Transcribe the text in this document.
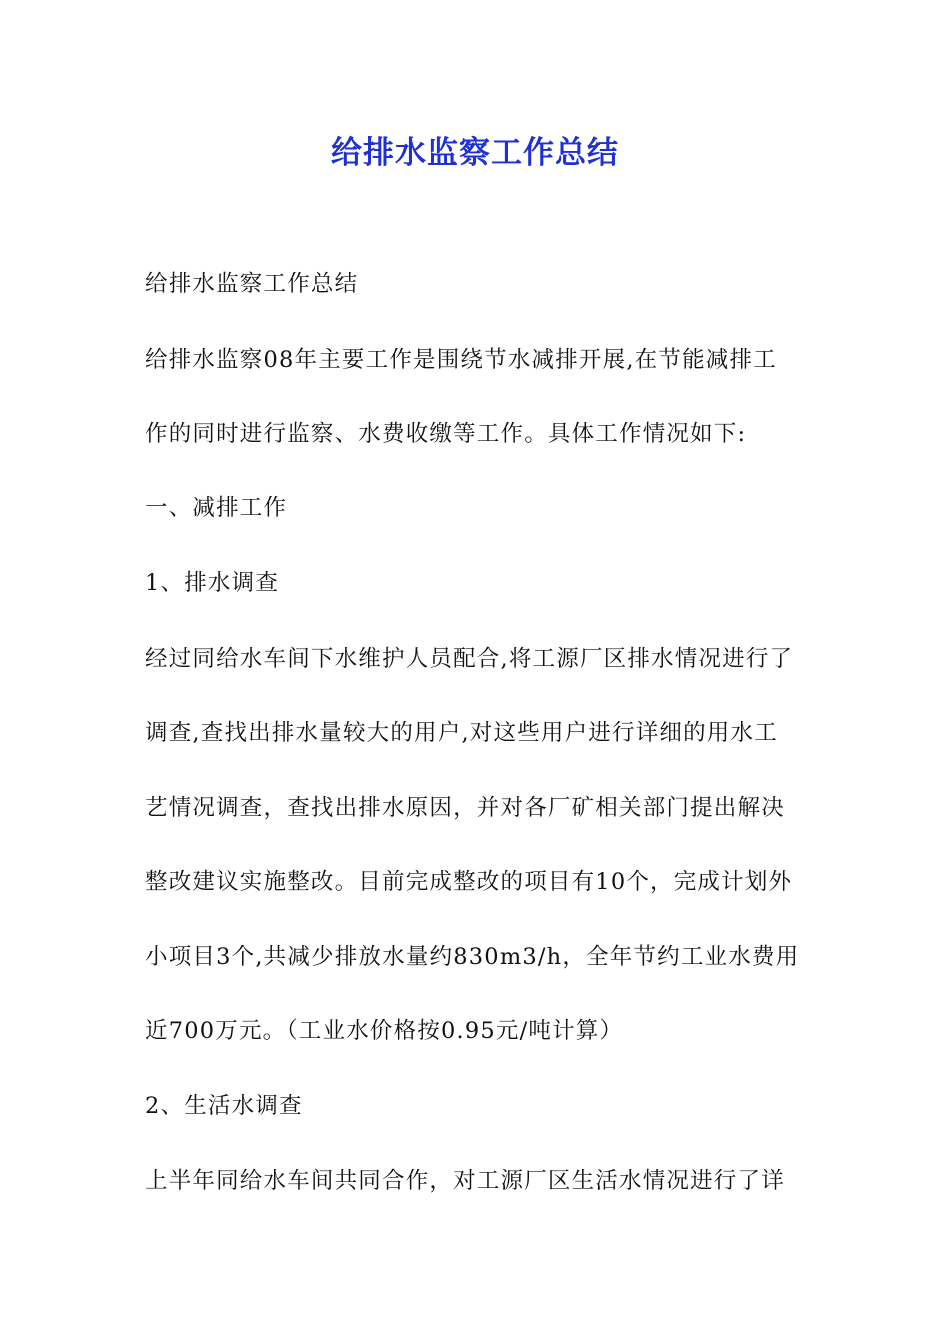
给排水监察工作总结
给排水监察工作总结
给排水监察08年主要工作是围绕节水减排开展,在节能减排工
作的同时进行监察、水费收缴等工作。具体工作情况如下:
一、减排工作
1、排水调查
经过同给水车间下水维护人员配合,将工源厂区排水情况进行了
调查,查找出排水量较大的用户,对这些用户进行详细的用水工
艺情况调查，查找出排水原因，并对各厂矿相关部门提出解决
整改建议实施整改。目前完成整改的项目有10个，完成计划外
小项目3个,共减少排放水量约830m3/h，全年节约工业水费用
近700万元。（工业水价格按0.95元/吨计算）
2、生活水调查
上半年同给水车间共同合作，对工源厂区生活水情况进行了详
